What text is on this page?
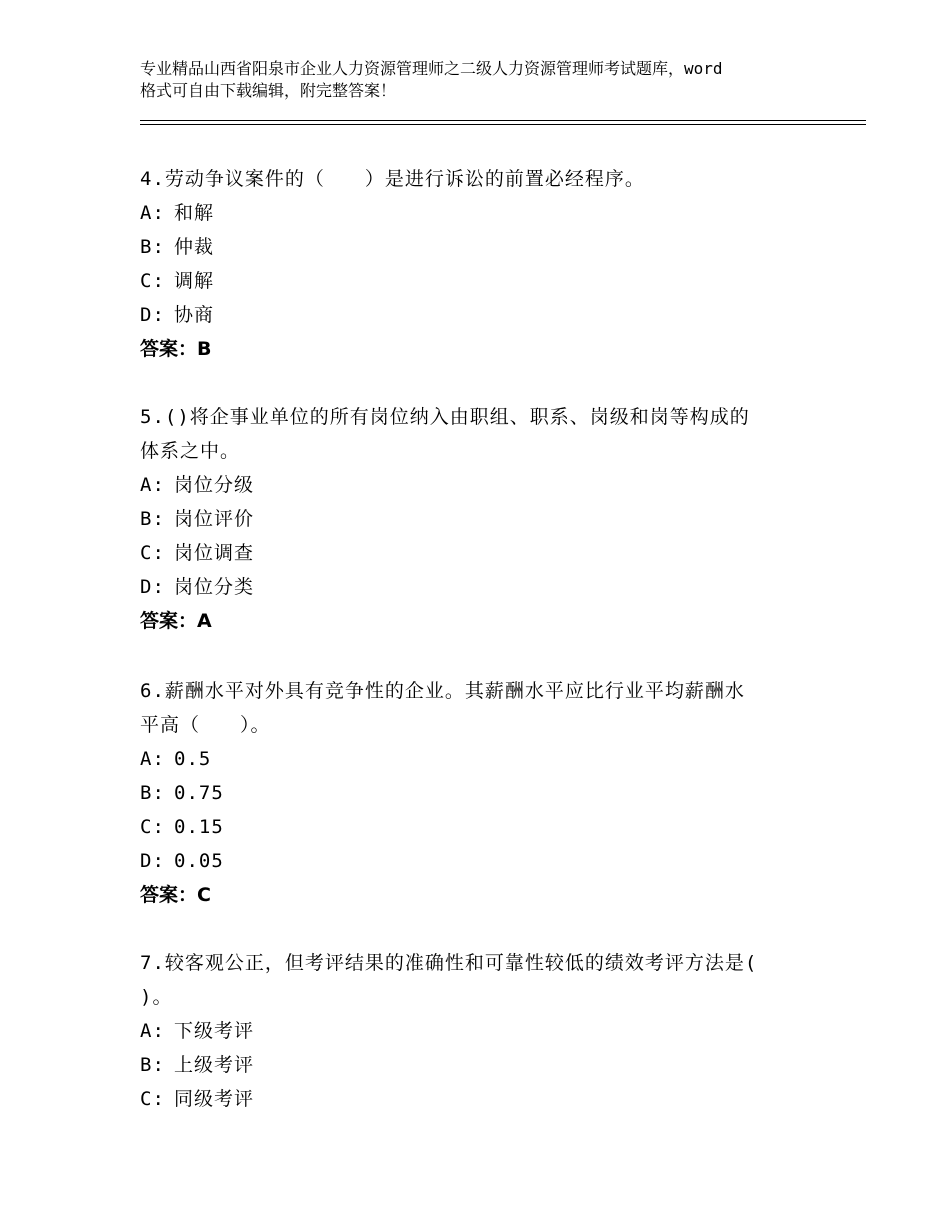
专业精品山西省阳泉市企业人力资源管理师之二级人力资源管理师考试题库，word
格式可自由下载编辑，附完整答案！
4.劳动争议案件的（　　）是进行诉讼的前置必经程序。
A: 和解
B: 仲裁
C: 调解
D: 协商
答案：B
5.()将企事业单位的所有岗位纳入由职组、职系、岗级和岗等构成的
体系之中。
A: 岗位分级
B: 岗位评价
C: 岗位调查
D: 岗位分类
答案：A
6.薪酬水平对外具有竞争性的企业。其薪酬水平应比行业平均薪酬水
平高（　　）。
A: 0.5
B: 0.75
C: 0.15
D: 0.05
答案：C
7.较客观公正，但考评结果的准确性和可靠性较低的绩效考评方法是(
)。
A: 下级考评
B: 上级考评
C: 同级考评
